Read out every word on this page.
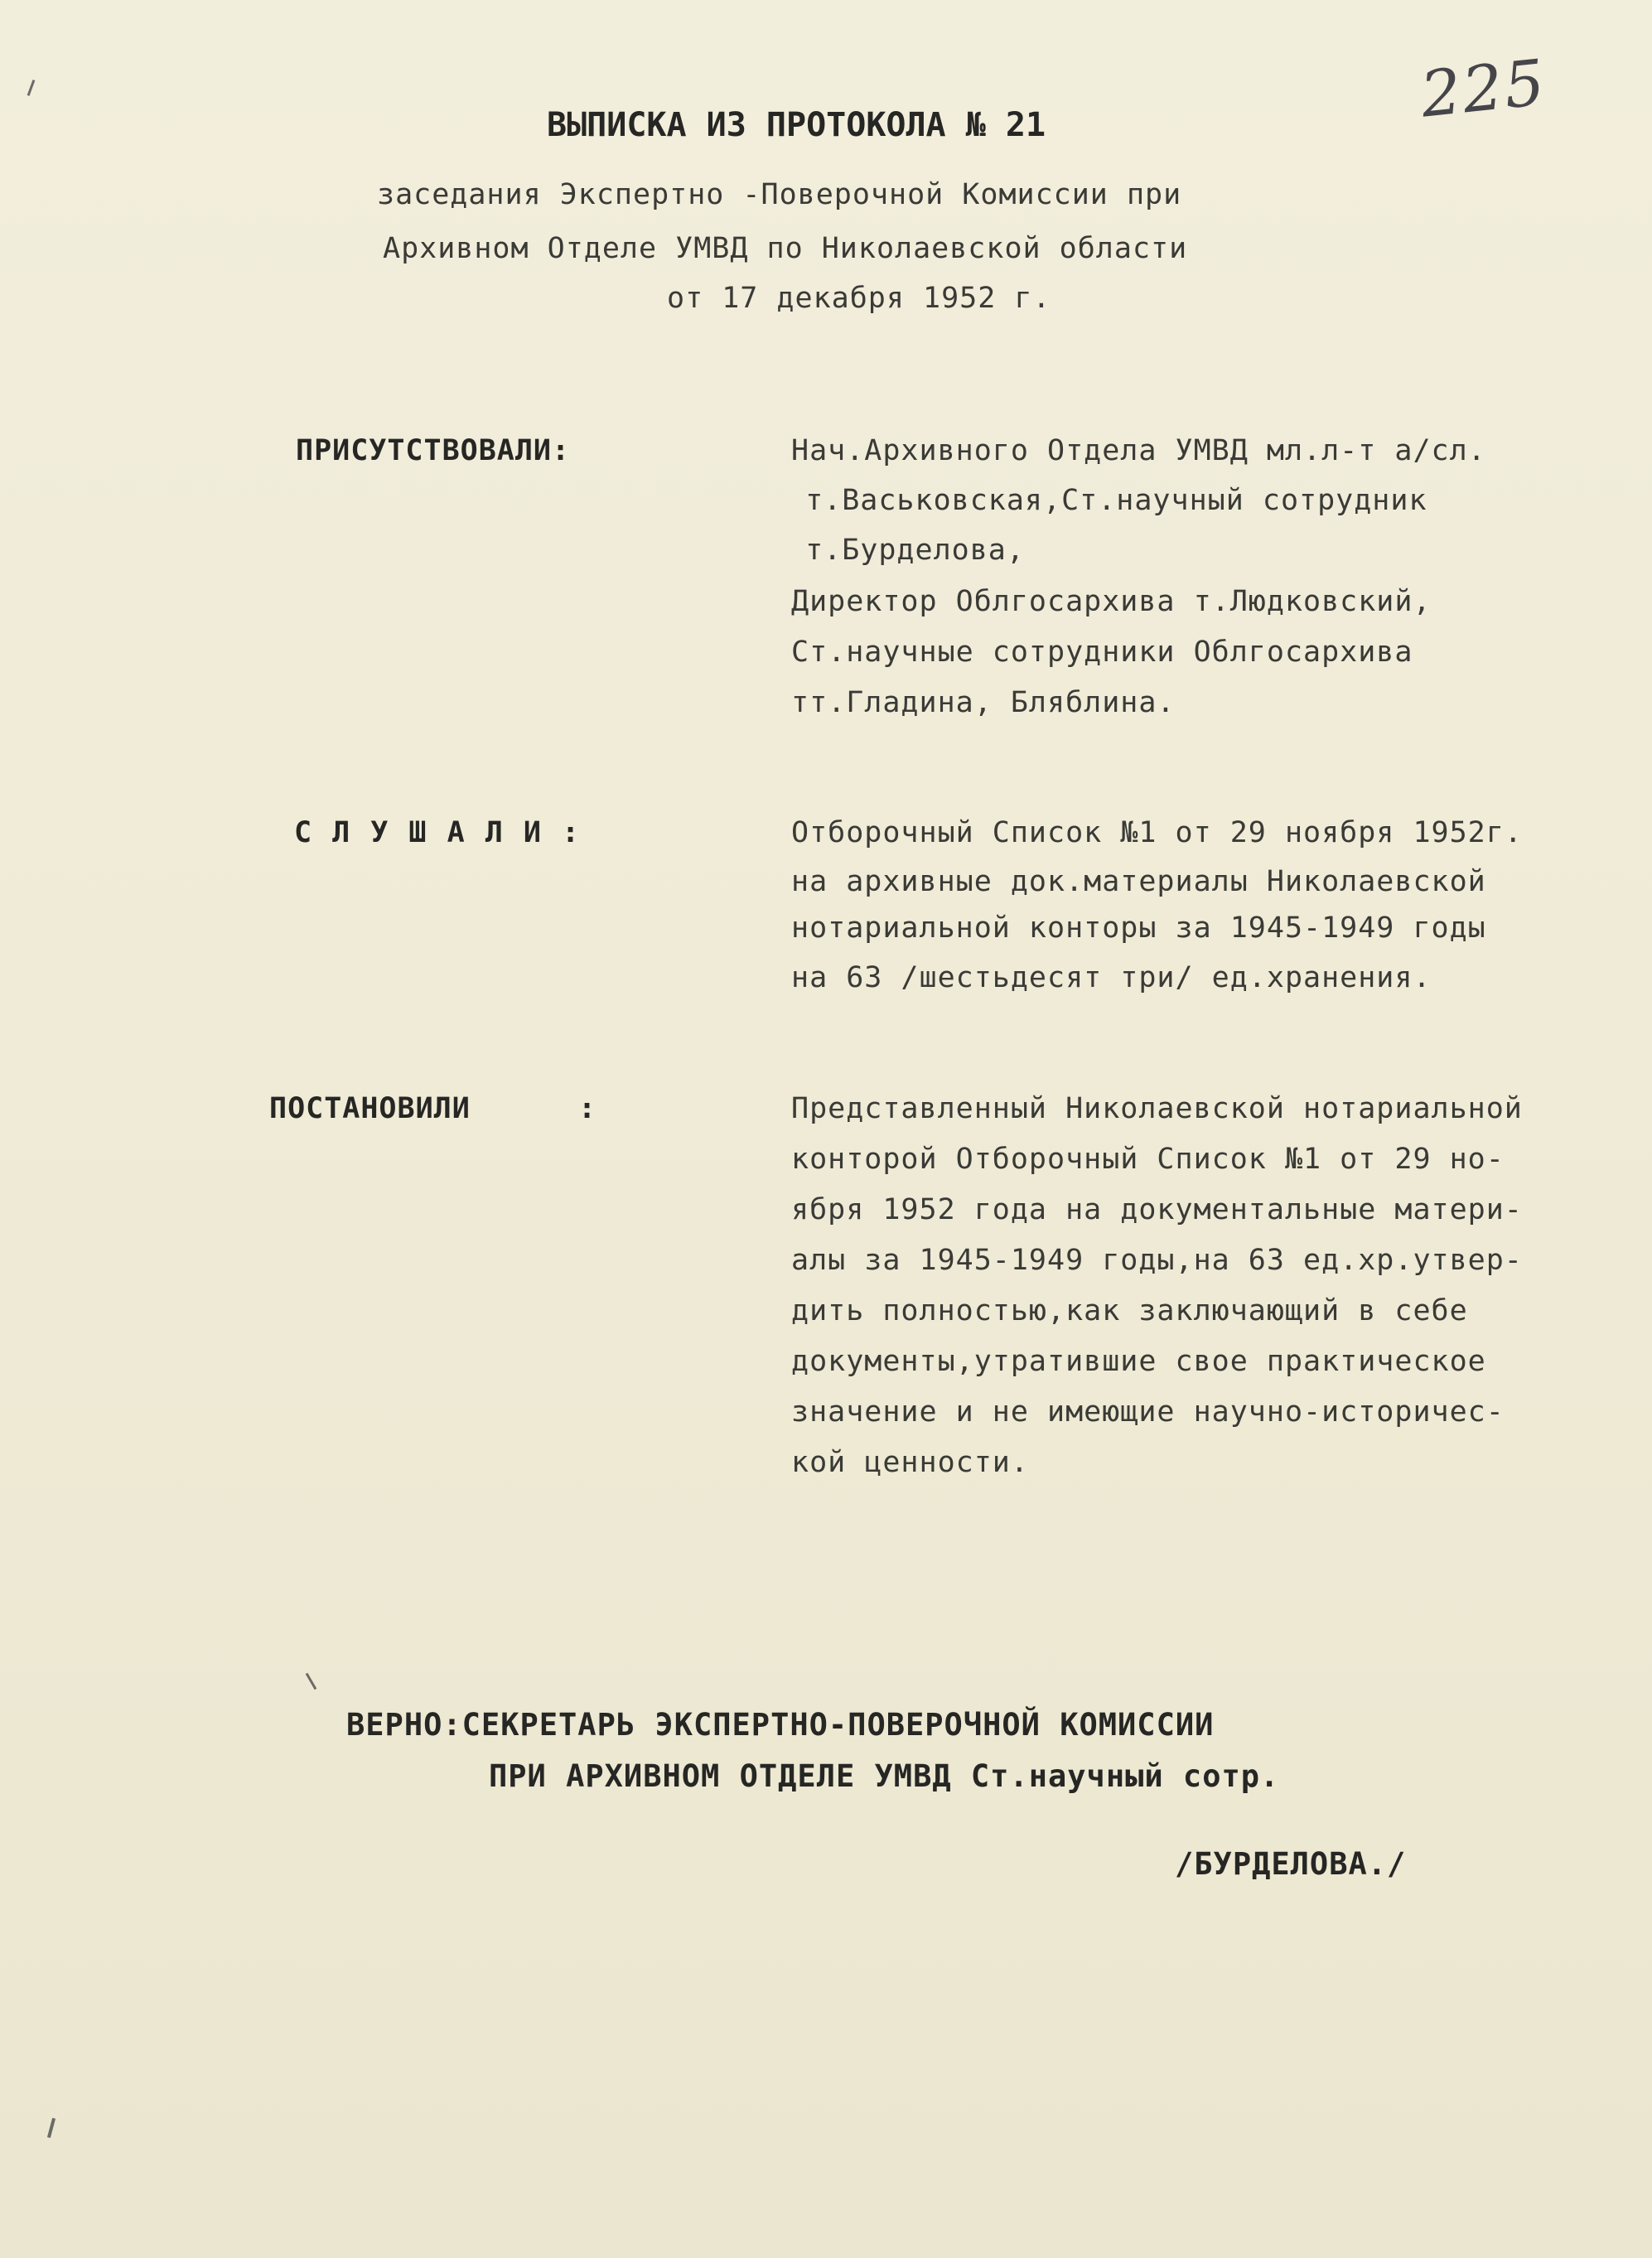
225
ВЫПИСКА ИЗ ПРОТОКОЛА № 21
заседания Экспертно -Поверочной Комиссии при
Архивном Отделе УМВД по Николаевской области
от 17 декабря 1952 г.
ПРИСУТСТВОВАЛИ:	Нач.Архивного Отдела УМВД мл.л-т а/сл.
т.Васьковская,Ст.научный сотрудник
т.Бурделова,
Директор Облгосархива т.Людковский,
Ст.научные сотрудники Облгосархива
тт.Гладина, Бляблина.
С Л У Ш А Л И :	Отборочный Список №1 от 29 ноября 1952г.
на архивные док.материалы Николаевской
нотариальной конторы за 1945-1949 годы
на 63 /шестьдесят три/ ед.хранения.
ПОСТАНОВИЛИ	:	Представленный Николаевской нотариальной
конторой Отборочный Список №1 от 29 но-
ября 1952 года на документальные матери-
алы за 1945-1949 годы,на 63 ед.хр.утвер-
дить полностью,как заключающий в себе
документы,утратившие свое практическое
значение и не имеющие научно-историчес-
кой ценности.
ВЕРНО:СЕКРЕТАРЬ ЭКСПЕРТНО-ПОВЕРОЧНОЙ КОМИССИИ
ПРИ АРХИВНОМ ОТДЕЛЕ УМВД Ст.научный сотр.
/БУРДЕЛОВА./
